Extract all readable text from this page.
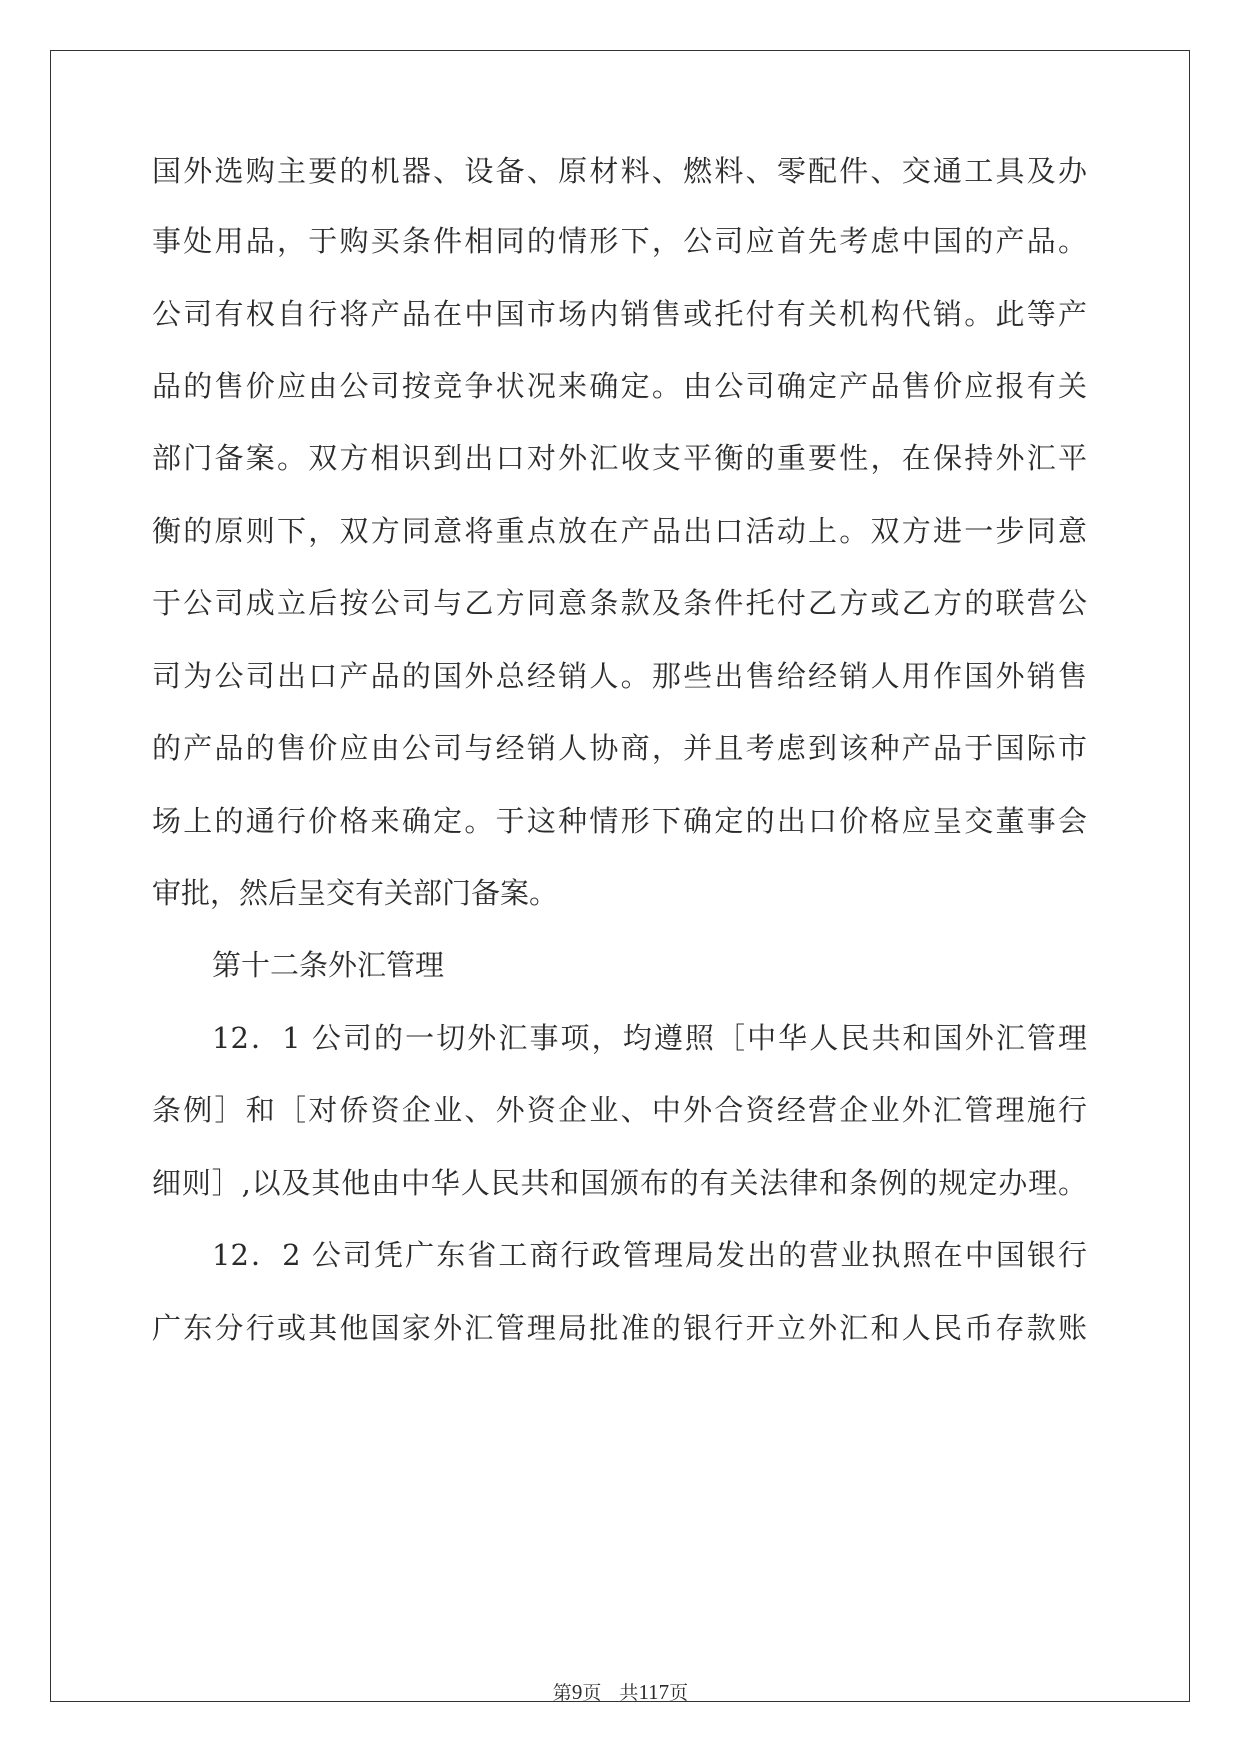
国外选购主要的机器、设备、原材料、燃料、零配件、交通工具及办
事处用品，于购买条件相同的情形下，公司应首先考虑中国的产品。
公司有权自行将产品在中国市场内销售或托付有关机构代销。此等产
品的售价应由公司按竞争状况来确定。由公司确定产品售价应报有关
部门备案。双方相识到出口对外汇收支平衡的重要性，在保持外汇平
衡的原则下，双方同意将重点放在产品出口活动上。双方进一步同意
于公司成立后按公司与乙方同意条款及条件托付乙方或乙方的联营公
司为公司出口产品的国外总经销人。那些出售给经销人用作国外销售
的产品的售价应由公司与经销人协商，并且考虑到该种产品于国际市
场上的通行价格来确定。于这种情形下确定的出口价格应呈交董事会
审批，然后呈交有关部门备案。
第十二条外汇管理
12．1 公司的一切外汇事项，均遵照［中华人民共和国外汇管理
条例］和［对侨资企业、外资企业、中外合资经营企业外汇管理施行
细则］,以及其他由中华人民共和国颁布的有关法律和条例的规定办理。
12．2 公司凭广东省工商行政管理局发出的营业执照在中国银行
广东分行或其他国家外汇管理局批准的银行开立外汇和人民币存款账
第9页   共117页
